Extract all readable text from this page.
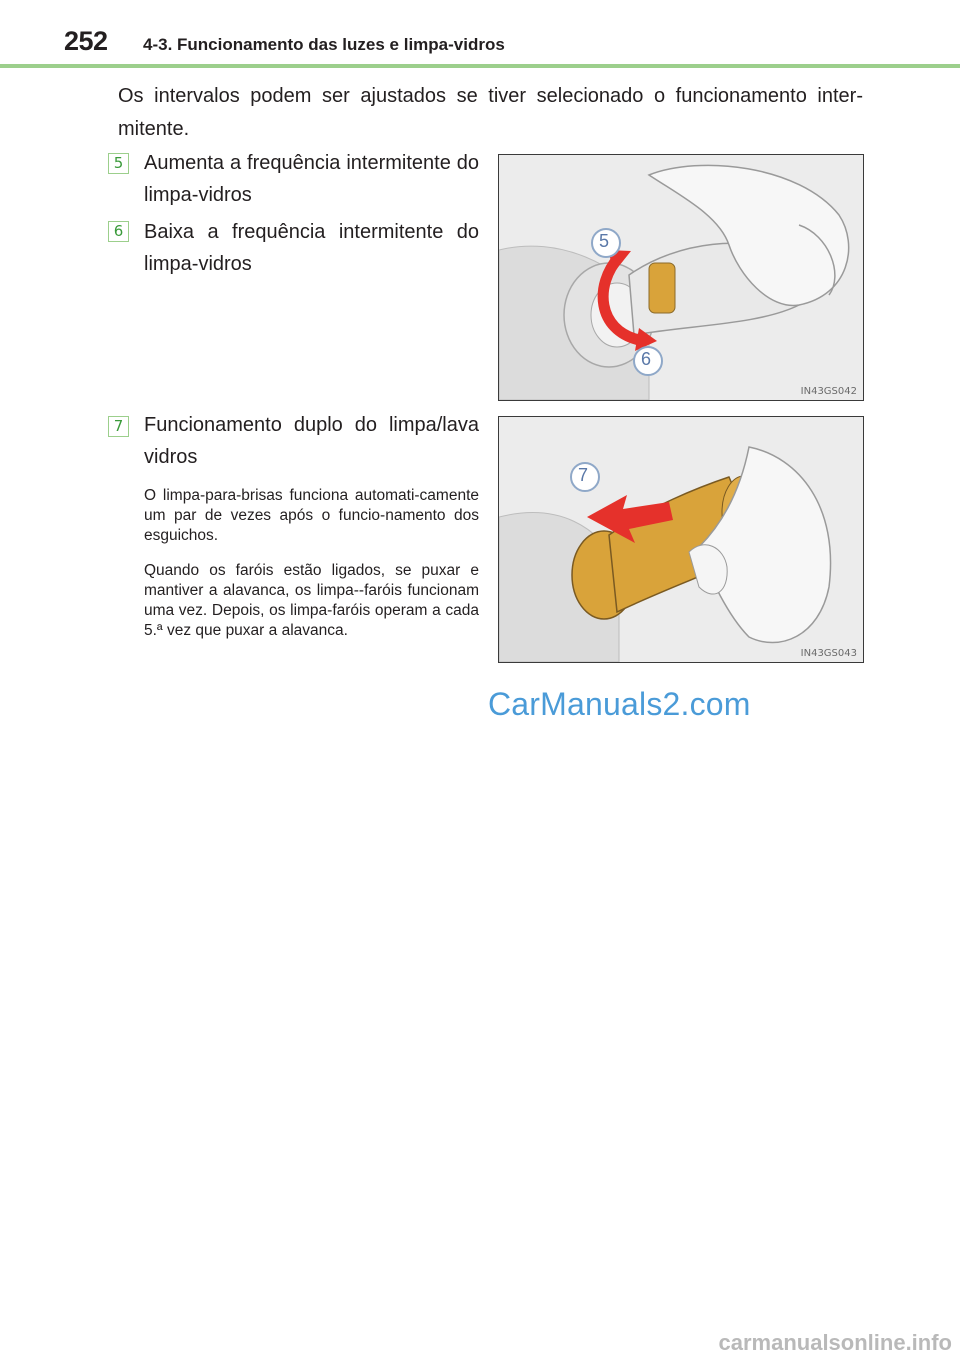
252 4-3. Funcionamento das luzes e limpa-vidros

Os intervalos podem ser ajustados se tiver selecionado o funcionamento inter-mitente.

5 Aumenta a frequência intermitente do limpa-vidros

6 Baixa a frequência intermitente do limpa-vidros

5
6
IN43GS042
7 Funcionamento duplo do limpa/lava vidros

O limpa-para-brisas funciona automati-camente um par de vezes após o funcio-namento dos esguichos.

Quando os faróis estão ligados, se puxar e mantiver a alavanca, os limpa--faróis funcionam uma vez. Depois, os limpa-faróis operam a cada 5.ª vez que puxar a alavanca.

7
IN43GS043
CarManuals2.com
carmanualsonline.info
